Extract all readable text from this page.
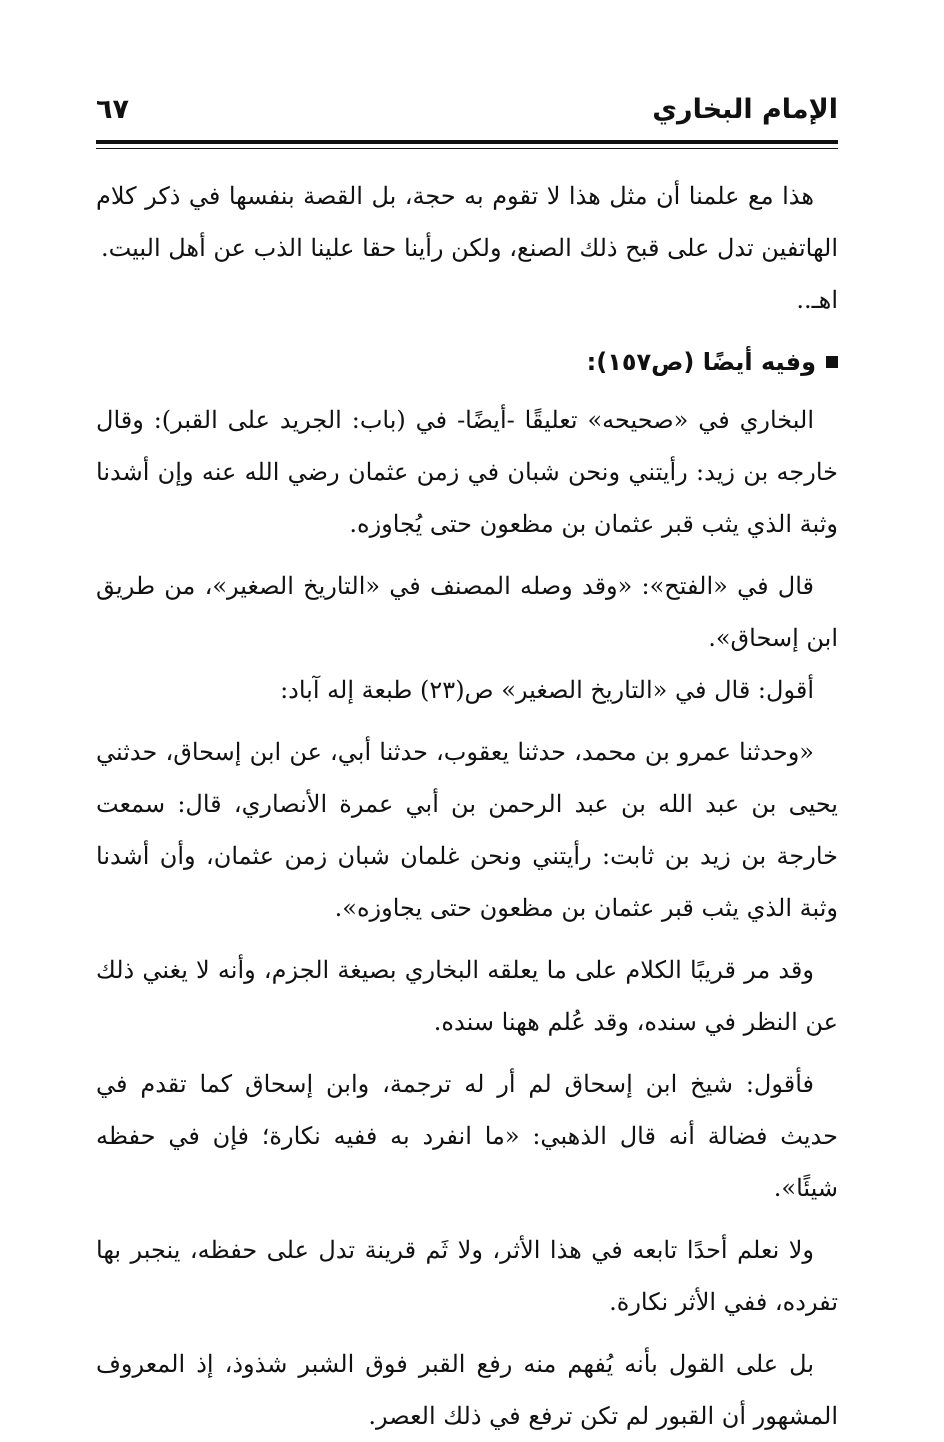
الإمام البخاري
٦٧

هذا مع علمنا أن مثل هذا لا تقوم به حجة، بل القصة بنفسها في ذكر كلام الهاتفين تدل على قبح ذلك الصنع، ولكن رأينا حقا علينا الذب عن أهل البيت.

اهـ..

وفيه أيضًا (ص١٥٧):

البخاري في «صحيحه» تعليقًا -أيضًا- في (باب: الجريد على القبر): وقال خارجه بن زيد: رأيتني ونحن شبان في زمن عثمان رضي الله عنه وإن أشدنا وثبة الذي يثب قبر عثمان بن مظعون حتى يُجاوزه.

قال في «الفتح»: «وقد وصله المصنف في «التاريخ الصغير»، من طريق ابن إسحاق».

أقول: قال في «التاريخ الصغير» ص(٢٣) طبعة إله آباد:

«وحدثنا عمرو بن محمد، حدثنا يعقوب، حدثنا أبي، عن ابن إسحاق، حدثني يحيى بن عبد الله بن عبد الرحمن بن أبي عمرة الأنصاري، قال: سمعت خارجة بن زيد بن ثابت: رأيتني ونحن غلمان شبان زمن عثمان، وأن أشدنا وثبة الذي يثب قبر عثمان بن مظعون حتى يجاوزه».

وقد مر قريبًا الكلام على ما يعلقه البخاري بصيغة الجزم، وأنه لا يغني ذلك عن النظر في سنده، وقد عُلم ههنا سنده.

فأقول: شيخ ابن إسحاق لم أر له ترجمة، وابن إسحاق كما تقدم في حديث فضالة أنه قال الذهبي: «ما انفرد به ففيه نكارة؛ فإن في حفظه شيئًا».

ولا نعلم أحدًا تابعه في هذا الأثر، ولا ثَم قرينة تدل على حفظه، ينجبر بها تفرده، ففي الأثر نكارة.

بل على القول بأنه يُفهم منه رفع القبر فوق الشبر شذوذ، إذ المعروف المشهور أن القبور لم تكن ترفع في ذلك العصر.
